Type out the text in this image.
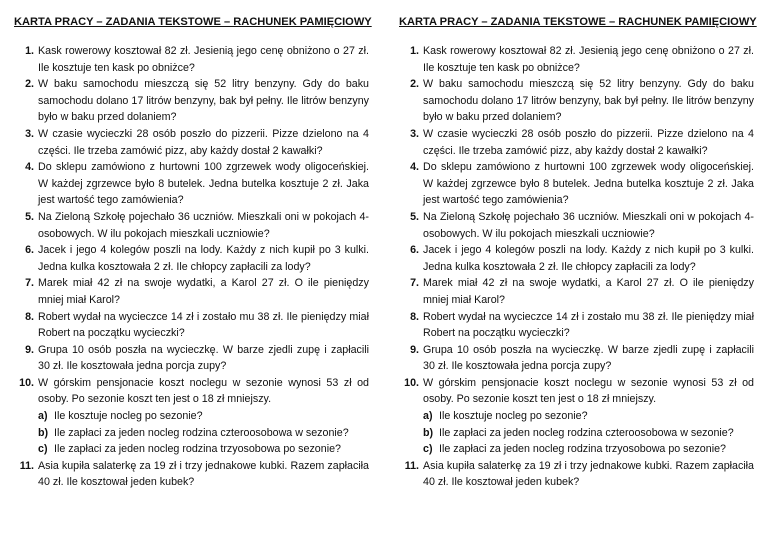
KARTA PRACY – ZADANIA TEKSTOWE – RACHUNEK PAMIĘCIOWY
1. Kask rowerowy kosztował 82 zł. Jesienią jego cenę obniżono o 27 zł. Ile kosztuje ten kask po obniżce?
2. W baku samochodu mieszczą się 52 litry benzyny. Gdy do baku samochodu dolano 17 litrów benzyny, bak był pełny. Ile litrów benzyny było w baku przed dolaniem?
3. W czasie wycieczki 28 osób poszło do pizzerii. Pizze dzielono na 4 części. Ile trzeba zamówić pizz, aby każdy dostał 2 kawałki?
4. Do sklepu zamówiono z hurtowni 100 zgrzewek wody oligoceńskiej. W każdej zgrzewce było 8 butelek. Jedna butelka kosztuje 2 zł. Jaka jest wartość tego zamówienia?
5. Na Zieloną Szkołę pojechało 36 uczniów. Mieszkali oni w pokojach 4-osobowych. W ilu pokojach mieszkali uczniowie?
6. Jacek i jego 4 kolegów poszli na lody. Każdy z nich kupił po 3 kulki. Jedna kulka kosztowała 2 zł. Ile chłopcy zapłacili za lody?
7. Marek miał 42 zł na swoje wydatki, a Karol 27 zł. O ile pieniędzy mniej miał Karol?
8. Robert wydał na wycieczce 14 zł i zostało mu 38 zł. Ile pieniędzy miał Robert na początku wycieczki?
9. Grupa 10 osób poszła na wycieczkę. W barze zjedli zupę i zapłacili 30 zł. Ile kosztowała jedna porcja zupy?
10. W górskim pensjonacie koszt noclegu w sezonie wynosi 53 zł od osoby. Po sezonie koszt ten jest o 18 zł mniejszy.
a) Ile kosztuje nocleg po sezonie?
b) Ile zapłaci za jeden nocleg rodzina czteroosobowa w sezonie?
c) Ile zapłaci za jeden nocleg rodzina trzyosobowa po sezonie?
11. Asia kupiła salaterkę za 19 zł i trzy jednakowe kubki. Razem zapłaciła 40 zł. Ile kosztował jeden kubek?
KARTA PRACY – ZADANIA TEKSTOWE – RACHUNEK PAMIĘCIOWY
1. Kask rowerowy kosztował 82 zł. Jesienią jego cenę obniżono o 27 zł. Ile kosztuje ten kask po obniżce?
2. W baku samochodu mieszczą się 52 litry benzyny. Gdy do baku samochodu dolano 17 litrów benzyny, bak był pełny. Ile litrów benzyny było w baku przed dolaniem?
3. W czasie wycieczki 28 osób poszło do pizzerii. Pizze dzielono na 4 części. Ile trzeba zamówić pizz, aby każdy dostał 2 kawałki?
4. Do sklepu zamówiono z hurtowni 100 zgrzewek wody oligoceńskiej. W każdej zgrzewce było 8 butelek. Jedna butelka kosztuje 2 zł. Jaka jest wartość tego zamówienia?
5. Na Zieloną Szkołę pojechało 36 uczniów. Mieszkali oni w pokojach 4-osobowych. W ilu pokojach mieszkali uczniowie?
6. Jacek i jego 4 kolegów poszli na lody. Każdy z nich kupił po 3 kulki. Jedna kulka kosztowała 2 zł. Ile chłopcy zapłacili za lody?
7. Marek miał 42 zł na swoje wydatki, a Karol 27 zł. O ile pieniędzy mniej miał Karol?
8. Robert wydał na wycieczce 14 zł i zostało mu 38 zł. Ile pieniędzy miał Robert na początku wycieczki?
9. Grupa 10 osób poszła na wycieczkę. W barze zjedli zupę i zapłacili 30 zł. Ile kosztowała jedna porcja zupy?
10. W górskim pensjonacie koszt noclegu w sezonie wynosi 53 zł od osoby. Po sezonie koszt ten jest o 18 zł mniejszy.
a) Ile kosztuje nocleg po sezonie?
b) Ile zapłaci za jeden nocleg rodzina czteroosobowa w sezonie?
c) Ile zapłaci za jeden nocleg rodzina trzyosobowa po sezonie?
11. Asia kupiła salaterkę za 19 zł i trzy jednakowe kubki. Razem zapłaciła 40 zł. Ile kosztował jeden kubek?
